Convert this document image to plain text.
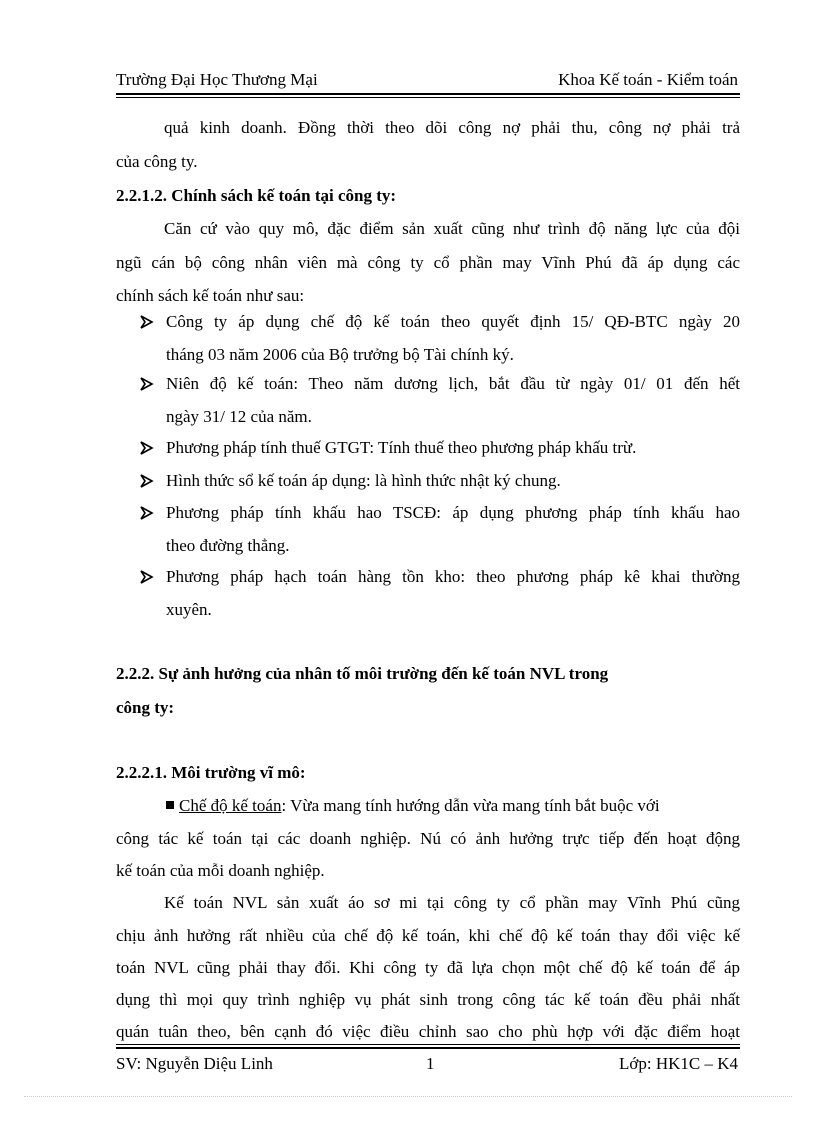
Trường Đại Học Thương Mại	Khoa Kế toán - Kiểm toán
quả kinh doanh. Đồng thời theo dõi công nợ phải thu, công nợ phải trả
của công ty.
2.2.1.2. Chính sách kế toán tại công ty:
Căn cứ vào quy mô, đặc điểm sản xuất cũng như trình độ năng lực của đội
ngũ cán bộ công nhân viên mà công ty cổ phần may Vĩnh Phú đã áp dụng các
chính sách kế toán như sau:
Công ty áp dụng chế độ kế toán theo quyết định 15/ QĐ-BTC ngày 20
tháng 03 năm 2006 của Bộ trưởng bộ Tài chính ký.
Niên độ kế toán: Theo năm dương lịch, bắt đầu từ ngày 01/ 01 đến hết
ngày 31/ 12 của năm.
Phương pháp tính thuế GTGT: Tính thuế theo phương pháp khấu trừ.
Hình thức sổ kế toán áp dụng: là hình thức nhật ký chung.
Phương pháp tính khấu hao TSCĐ: áp dụng phương pháp tính khấu hao
theo đường thẳng.
Phương pháp hạch toán hàng tồn kho: theo phương pháp kê khai thường
xuyên.
2.2.2. Sự ảnh hưởng của nhân tố môi trường đến kế toán NVL trong
công ty:
2.2.2.1. Môi trường vĩ mô:
Chế độ kế toán: Vừa mang tính hướng dẫn vừa mang tính bắt buộc với
công tác kế toán tại các doanh nghiệp. Nú có ảnh hưởng trực tiếp đến hoạt động
kế toán của mỗi doanh nghiệp.
Kế toán NVL sản xuất áo sơ mi tại công ty cổ phần may Vĩnh Phú cũng
chịu ảnh hưởng rất nhiều của chế độ kế toán, khi chế độ kế toán thay đổi việc kế
toán NVL cũng phải thay đổi. Khi công ty đã lựa chọn một chế độ kế toán để áp
dụng thì mọi quy trình nghiệp vụ phát sinh trong công tác kế toán đều phải nhất
quán tuân theo, bên cạnh đó việc điều chỉnh sao cho phù hợp với đặc điểm hoạt
SV: Nguyễn Diệu Linh	1	Lớp: HK1C – K4
